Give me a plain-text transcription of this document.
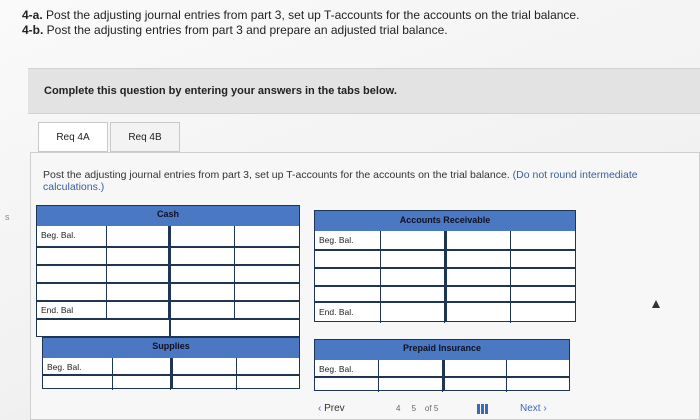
4-a. Post the adjusting journal entries from part 3, set up T-accounts for the accounts on the trial balance.
4-b. Post the adjusting entries from part 3 and prepare an adjusted trial balance.
Complete this question by entering your answers in the tabs below.
Req 4A	Req 4B
s
Post the adjusting journal entries from part 3, set up T-accounts for the accounts on the trial balance. (Do not round intermediate calculations.)
Cash
Beg. Bal.
End. Bal
Accounts Receivable
Beg. Bal.
End. Bal.
Supplies
Beg. Bal.
Prepaid Insurance
Beg. Bal.
‹ Prev	4 5 of 5	Next ›
